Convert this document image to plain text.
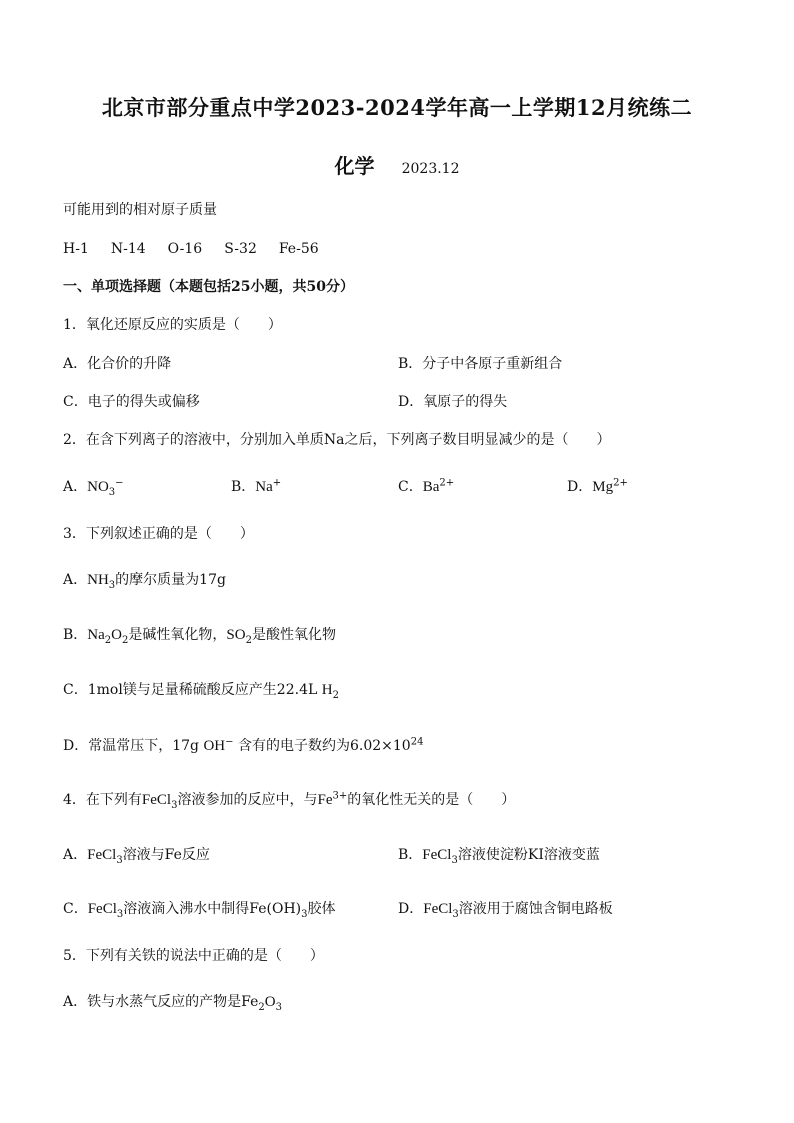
北京市部分重点中学2023-2024学年高一上学期12月统练二
化学 2023.12
可能用到的相对原子质量
H-1 N-14 O-16 S-32 Fe-56
一、单项选择题（本题包括25小题，共50分）
1．氧化还原反应的实质是（　　）
A．化合价的升降	B．分子中各原子重新组合
C．电子的得失或偏移	D．氧原子的得失
2．在含下列离子的溶液中，分别加入单质Na之后，下列离子数目明显减少的是（　　）
A．$NO_3^-$	B．Na+	C．$Ba^{2+}$	D．$Mg^{2+}$
3．下列叙述正确的是（　　）
A．$NH_3$的摩尔质量为17g
B．$Na_2O_2$是碱性氧化物，$SO_2$是酸性氧化物
C．1mol镁与足量稀硫酸反应产生22.4L $H_2$
D．常温常压下，17g OH− 含有的电子数约为$6.02\times 10^{24}$
4．在下列有FeCl$_3$溶液参加的反应中，与$Fe^{3+}$的氧化性无关的是（　　）
A．FeCl$_3$溶液与Fe反应	B．FeCl$_3$溶液使淀粉KI溶液变蓝
C．FeCl$_3$溶液滴入沸水中制得$Fe(OH)_3$胶体	D．FeCl$_3$溶液用于腐蚀含铜电路板
5．下列有关铁的说法中正确的是（　　）
A．铁与水蒸气反应的产物是$Fe_2O_3$
